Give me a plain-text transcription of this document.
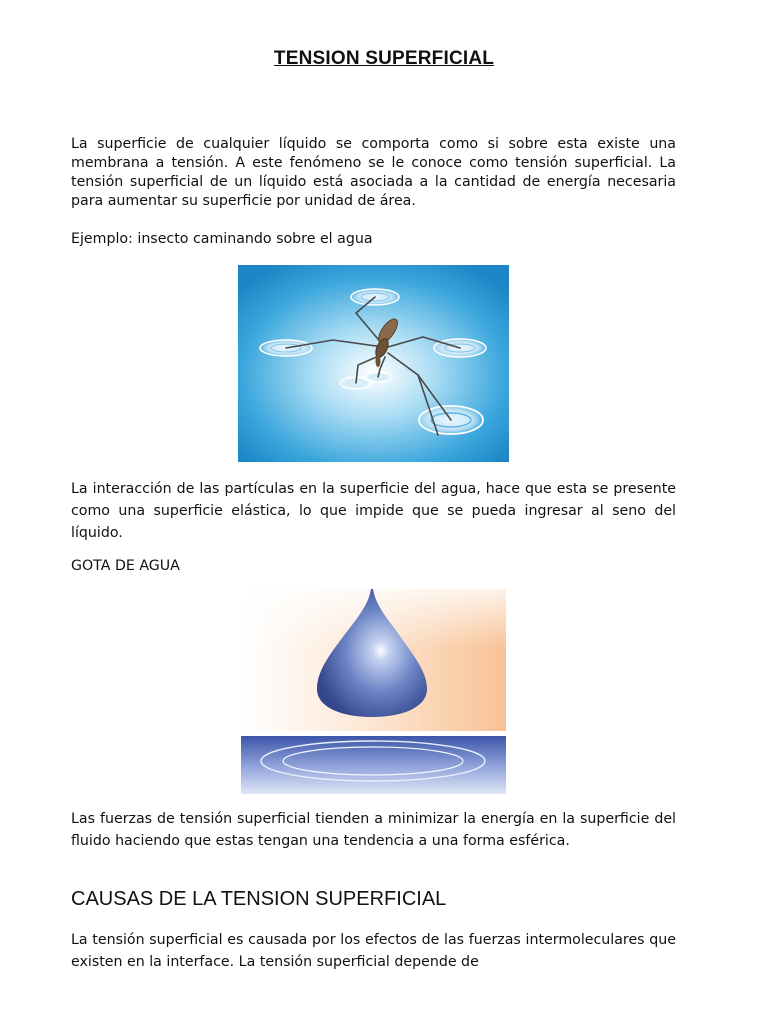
TENSION SUPERFICIAL

La superficie de cualquier líquido se comporta como si sobre esta existe una membrana a tensión. A este fenómeno se le conoce como tensión superficial. La tensión superficial de un líquido está asociada a la cantidad de energía necesaria para aumentar su superficie por unidad de área.

Ejemplo: insecto caminando sobre el agua

La interacción de las partículas en la superficie del agua, hace que esta se presente como una superficie elástica, lo que impide que se pueda ingresar al seno del líquido.

GOTA DE AGUA

Las fuerzas de tensión superficial tienden a minimizar la energía en la superficie del fluido haciendo que estas tengan una tendencia a una forma esférica.

CAUSAS DE LA TENSION SUPERFICIAL

La tensión superficial es causada por los efectos de las fuerzas intermoleculares que existen en la interface. La tensión superficial depende de
